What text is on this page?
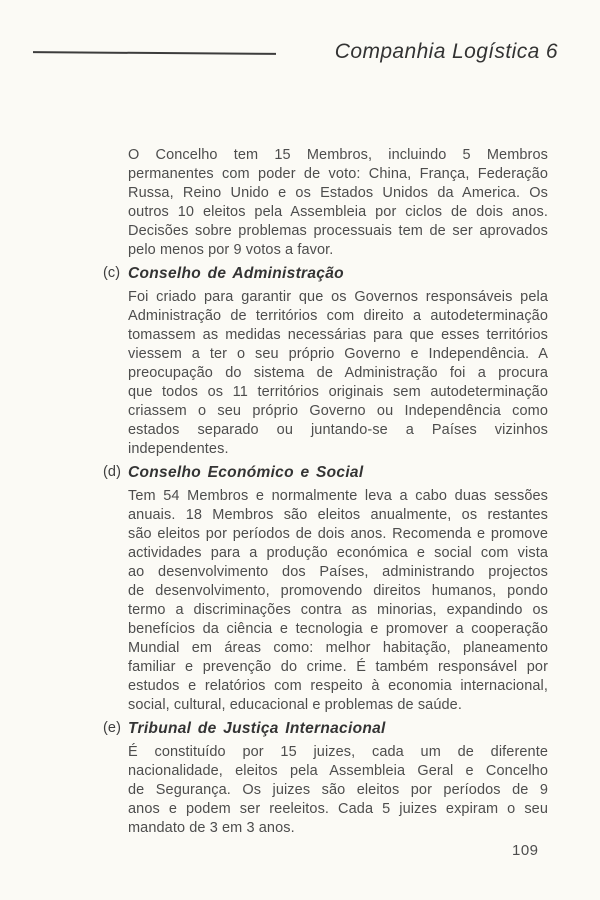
Companhia Logística 6
O Concelho tem 15 Membros, incluindo 5 Membros
permanentes com poder de voto: China, França, Federação
Russa, Reino Unido e os Estados Unidos da America. Os
outros 10 eleitos pela Assembleia por ciclos de dois anos.
Decisões sobre problemas processuais tem de ser aprovados
pelo menos por 9 votos a favor.
(c) Conselho de Administração
Foi criado para garantir que os Governos responsáveis pela
Administração de territórios com direito a autodeterminação
tomassem as medidas necessárias para que esses territórios
viessem a ter o seu próprio Governo e Independência. A
preocupação do sistema de Administração foi a procura
que todos os 11 territórios originais sem autodeterminação
criassem o seu próprio Governo ou Independência como
estados separado ou juntando-se a Países vizinhos
independentes.
(d) Conselho Económico e Social
Tem 54 Membros e normalmente leva a cabo duas sessões
anuais. 18 Membros são eleitos anualmente, os restantes
são eleitos por períodos de dois anos. Recomenda e promove
actividades para a produção económica e social com vista
ao desenvolvimento dos Países, administrando projectos
de desenvolvimento, promovendo direitos humanos, pondo
termo a discriminações contra as minorias, expandindo os
benefícios da ciência e tecnologia e promover a cooperação
Mundial em áreas como: melhor habitação, planeamento
familiar e prevenção do crime. É também responsável por
estudos e relatórios com respeito à economia internacional,
social, cultural, educacional e problemas de saúde.
(e) Tribunal de Justiça Internacional
É constituído por 15 juizes, cada um de diferente
nacionalidade, eleitos pela Assembleia Geral e Concelho
de Segurança. Os juizes são eleitos por períodos de 9
anos e podem ser reeleitos. Cada 5 juizes expiram o seu
mandato de 3 em 3 anos.
109
